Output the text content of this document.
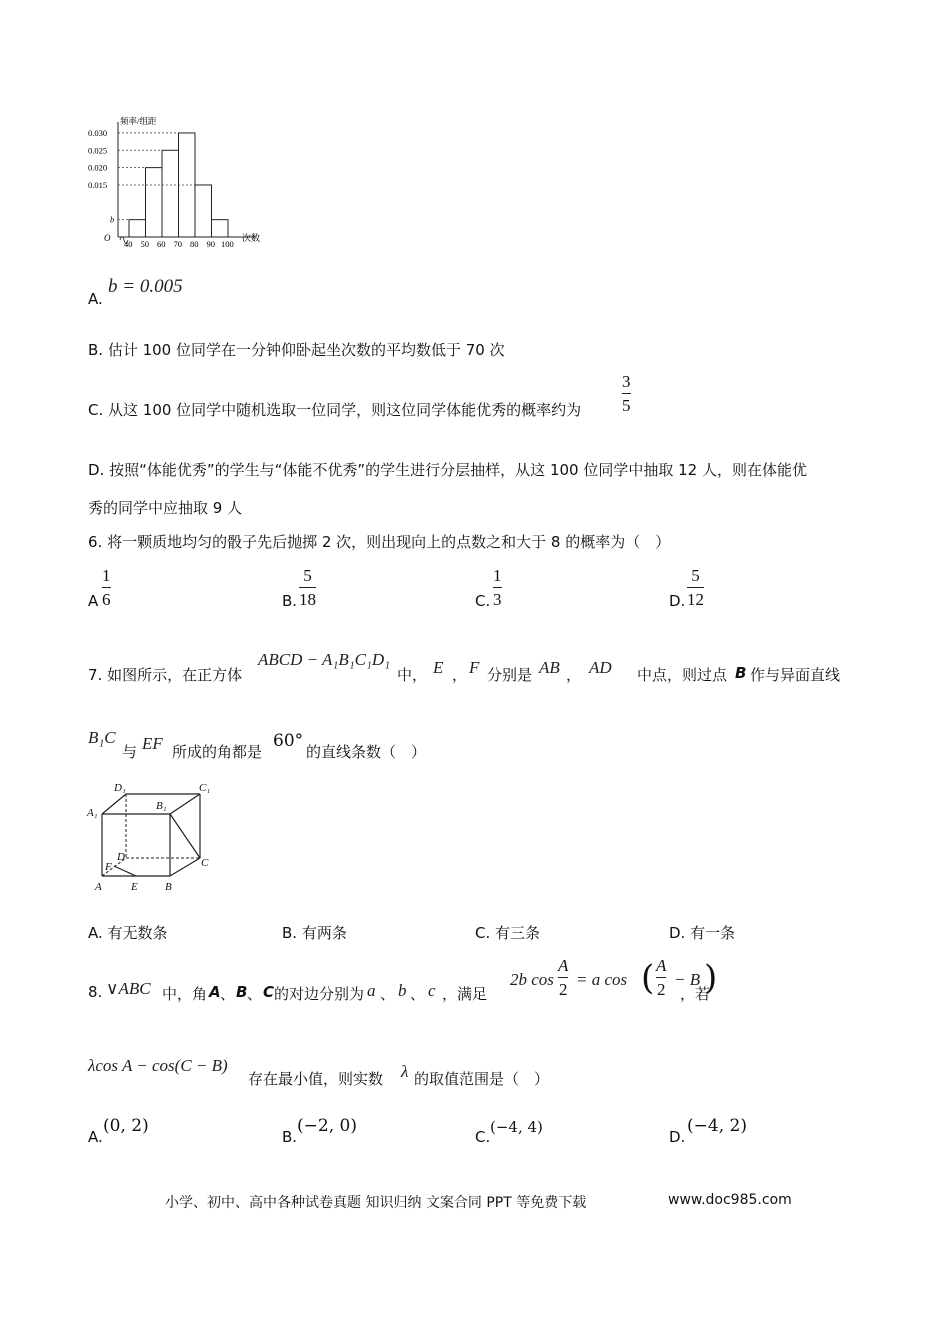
O
频率/组距
次数
0.030
0.025
0.020
0.015
b
40 50 60 70 80 90 100
A.
b = 0.005
B. 估计 100 位同学在一分钟仰卧起坐次数的平均数低于 70 次
C. 从这 100 位同学中随机选取一位同学，则这位同学体能优秀的概率约为
3
5
D. 按照“体能优秀”的学生与“体能不优秀”的学生进行分层抽样，从这 100 位同学中抽取 12 人，则在体能优
秀的同学中应抽取 9 人
6. 将一颗质地均匀的骰子先后抛掷 2 次，则出现向上的点数之和大于 8 的概率为（　）
A
1
6	B.
5
18	C.
1
3	D.
5
12
7. 如图所示，在正方体
ABCD − A₁B₁C₁D₁
中， E ， F 分别是 AB ， AD 中点，则过点 B 作与异面直线
B₁C
与 EF 所成的角都是
60°
的直线条数（　）
D₁	C₁
B₁
A₁
D
F	C
A	E B
A. 有无数条	B. 有两条	C. 有三条	D. 有一条
8. ∨ABC 中，角 A 、 B 、 C 的对边分别为 a 、 b 、 c ，满足
2b cos
A
2
= a cos ( A
2
− B )
，若
λcos A − cos(C − B)
存在最小值，则实数 λ 的取值范围是（　）
A.
(0, 2)
B.
(−2, 0)
C.
(−4, 4)
D.
(−4, 2)
小学、初中、高中各种试卷真题 知识归纳 文案合同 PPT 等免费下载	www.doc985.com
